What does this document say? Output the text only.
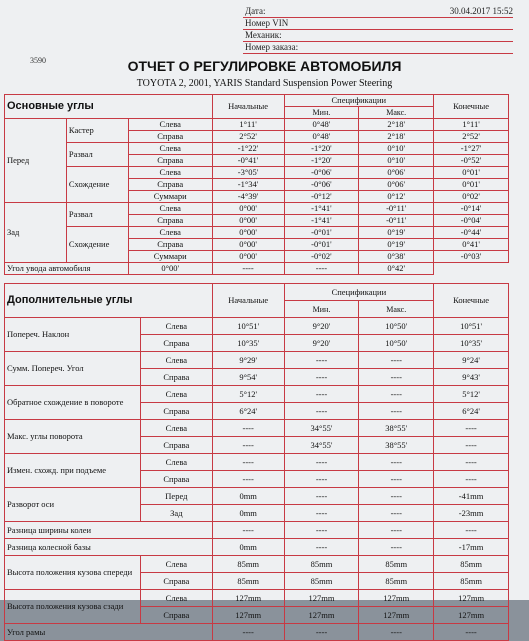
Дата:	30.04.2017 15:52
Номер VIN
Механик:
Номер заказа:
3590	ОТЧЕТ О РЕГУЛИРОВКЕ АВТОМОБИЛЯ
TOYOTA 2, 2001, YARIS Standard Suspension Power Steering
Основные углы			Начальные	Спецификации		Конечные
				Мин.	Макс.	
Перед	Кастер	Слева	1°11'	0°48'	2°18'	1°11'
		Справа	2°52'	0°48'	2°18'	2°52'
	Развал	Слева	-1°22'	-1°20'	0°10'	-1°27'
		Справа	-0°41'	-1°20'	0°10'	-0°52'
	Схождение	Слева	-3°05'	-0°06'	0°06'	0°01'
		Справа	-1°34'	-0°06'	0°06'	0°01'
		Суммари	-4°39'	-0°12'	0°12'	0°02'
Зад	Развал	Слева	0°00'	-1°41'	-0°11'	-0°14'
		Справа	0°00'	-1°41'	-0°11'	-0°04'
	Схождение	Слева	0°00'	-0°01'	0°19'	-0°44'
		Справа	0°00'	-0°01'	0°19'	0°41'
		Суммари	0°00'	-0°02'	0°38'	-0°03'
Угол увода автомобиля		0°00'	----	----	0°42'	
Дополнительные углы		Начальные	Спецификации		Конечные
			Мин.	Макс.	
Попереч. Наклон	Слева	10°51'	9°20'	10°50'	10°51'
	Справа	10°35'	9°20'	10°50'	10°35'
Сумм. Попереч. Угол	Слева	9°29'	----	----	9°24'
	Справа	9°54'	----	----	9°43'
Обратное схождение в повороте	Слева	5°12'	----	----	5°12'
	Справа	6°24'	----	----	6°24'
Макс. углы поворота	Слева	----	34°55'	38°55'	----
	Справа	----	34°55'	38°55'	----
Измен. схожд. при подъеме	Слева	----	----	----	----
	Справа	----	----	----	----
Разворот оси	Перед	0mm	----	----	-41mm
	Зад	0mm	----	----	-23mm
Разница ширины колеи		----	----	----	----
Разница колесной базы		0mm	----	----	-17mm
Высота положения кузова спереди	Слева	85mm	85mm	85mm	85mm
	Справа	85mm	85mm	85mm	85mm
Высота положения кузова сзади	Слева	127mm	127mm	127mm	127mm
	Справа	127mm	127mm	127mm	127mm
Угол рамы		----	----	----	----
